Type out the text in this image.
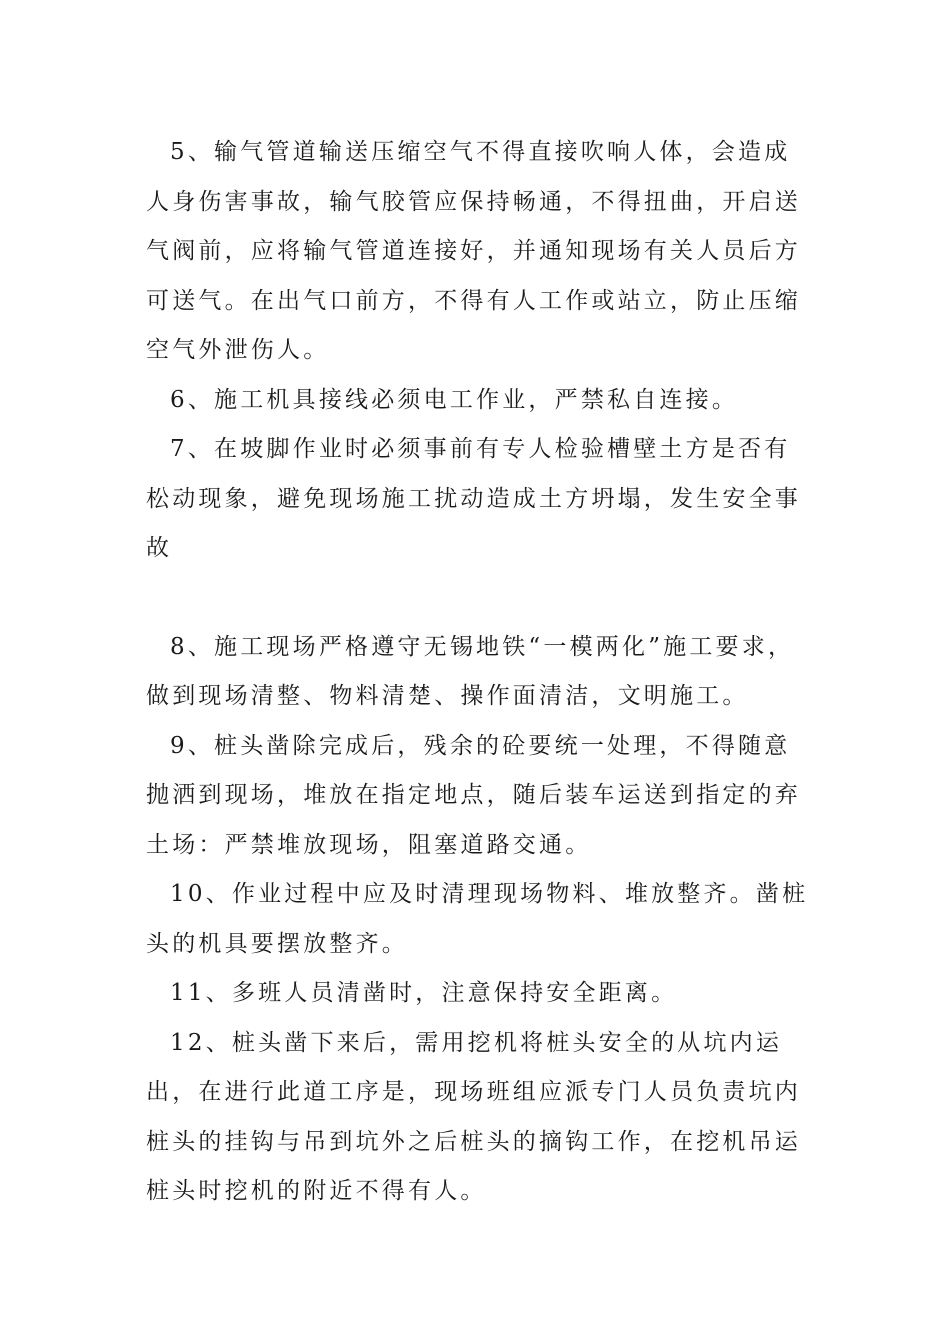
5、输气管道输送压缩空气不得直接吹响人体，会造成人身伤害事故，输气胶管应保持畅通，不得扭曲，开启送气阀前，应将输气管道连接好，并通知现场有关人员后方可送气。在出气口前方，不得有人工作或站立，防止压缩空气外泄伤人。

6、施工机具接线必须电工作业，严禁私自连接。

7、在坡脚作业时必须事前有专人检验槽壁土方是否有松动现象，避免现场施工扰动造成土方坍塌，发生安全事故

8、施工现场严格遵守无锡地铁“一模两化”施工要求，做到现场清整、物料清楚、操作面清洁，文明施工。

9、桩头凿除完成后，残余的砼要统一处理，不得随意抛洒到现场，堆放在指定地点，随后装车运送到指定的弃土场：严禁堆放现场，阻塞道路交通。

10、作业过程中应及时清理现场物料、堆放整齐。凿桩头的机具要摆放整齐。

11、多班人员清凿时，注意保持安全距离。

12、桩头凿下来后，需用挖机将桩头安全的从坑内运出，在进行此道工序是，现场班组应派专门人员负责坑内桩头的挂钩与吊到坑外之后桩头的摘钩工作，在挖机吊运桩头时挖机的附近不得有人。
